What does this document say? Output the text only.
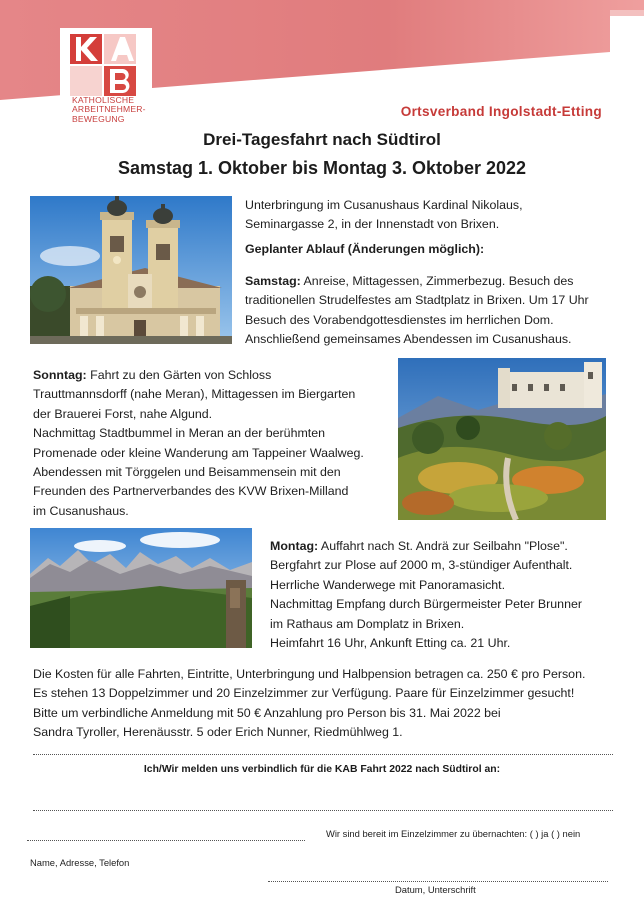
KATHOLISCHE
ARBEITNEHMER-
BEWEGUNG	Ortsverband Ingolstadt-Etting
Drei-Tagesfahrt nach Südtirol
Samstag 1. Oktober bis Montag 3. Oktober 2022
Unterbringung im Cusanushaus Kardinal Nikolaus,
Seminargasse 2, in der Innenstadt von Brixen.
Geplanter Ablauf (Änderungen möglich):
Samstag: Anreise, Mittagessen, Zimmerbezug. Besuch des
traditionellen Strudelfestes am Stadtplatz in Brixen. Um 17 Uhr
Besuch des Vorabendgottesdienstes im herrlichen Dom.
Anschließend gemeinsames Abendessen im Cusanushaus.
Sonntag: Fahrt zu den Gärten von Schloss
Trauttmannsdorff (nahe Meran), Mittagessen im Biergarten
der Brauerei Forst, nahe Algund.
Nachmittag Stadtbummel in Meran an der berühmten
Promenade oder kleine Wanderung am Tappeiner Waalweg.
Abendessen mit Törggelen und Beisammensein mit den
Freunden des Partnerverbandes des KVW Brixen-Milland
im Cusanushaus.
Montag: Auffahrt nach St. Andrä zur Seilbahn "Plose".
Bergfahrt zur Plose auf 2000 m, 3-stündiger Aufenthalt.
Herrliche Wanderwege mit Panoramasicht.
Nachmittag Empfang durch Bürgermeister Peter Brunner
im Rathaus am Domplatz in Brixen.
Heimfahrt 16 Uhr, Ankunft Etting ca. 21 Uhr.
Die Kosten für alle Fahrten, Eintritte, Unterbringung und Halbpension betragen ca. 250 € pro Person.
Es stehen 13 Doppelzimmer und 20 Einzelzimmer zur Verfügung. Paare für Einzelzimmer gesucht!
Bitte um verbindliche Anmeldung mit 50 € Anzahlung pro Person bis 31. Mai 2022 bei
Sandra Tyroller, Herenäusstr. 5 oder Erich Nunner, Riedmühlweg 1.
Ich/Wir melden uns verbindlich für die KAB Fahrt 2022 nach Südtirol an:
Wir sind bereit im Einzelzimmer zu übernachten: ( ) ja ( ) nein
Name, Adresse, Telefon
Datum, Unterschrift
